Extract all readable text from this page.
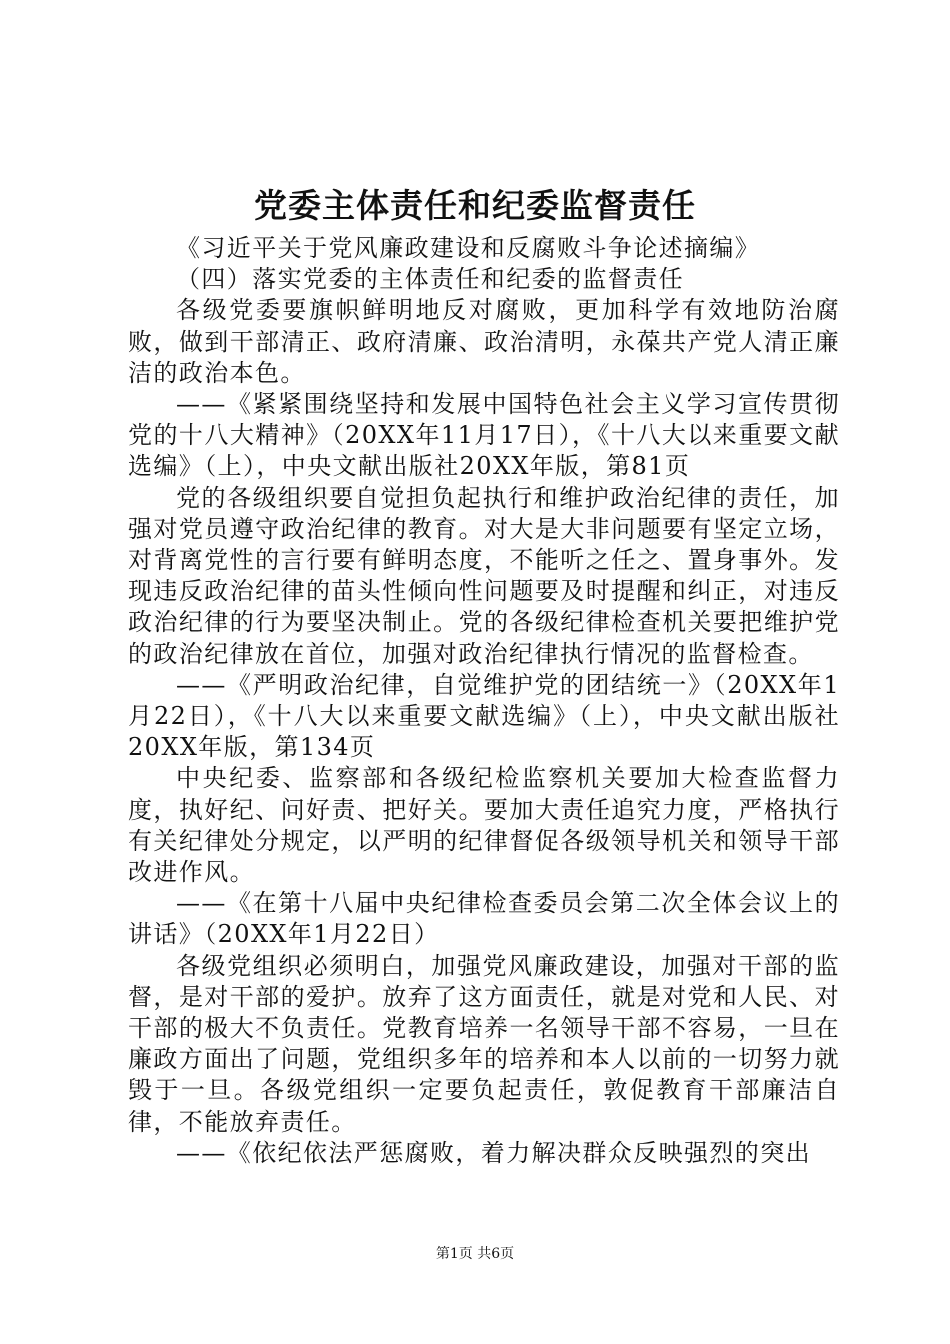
党委主体责任和纪委监督责任

《习近平关于党风廉政建设和反腐败斗争论述摘编》

（四）落实党委的主体责任和纪委的监督责任

各级党委要旗帜鲜明地反对腐败，更加科学有效地防治腐败，做到干部清正、政府清廉、政治清明，永葆共产党人清正廉洁的政治本色。

——《紧紧围绕坚持和发展中国特色社会主义学习宣传贯彻党的十八大精神》（20XX年11月17日），《十八大以来重要文献选编》（上），中央文献出版社20XX年版，第81页

党的各级组织要自觉担负起执行和维护政治纪律的责任，加强对党员遵守政治纪律的教育。对大是大非问题要有坚定立场，对背离党性的言行要有鲜明态度，不能听之任之、置身事外。发现违反政治纪律的苗头性倾向性问题要及时提醒和纠正，对违反政治纪律的行为要坚决制止。党的各级纪律检查机关要把维护党的政治纪律放在首位，加强对政治纪律执行情况的监督检查。

——《严明政治纪律，自觉维护党的团结统一》（20XX年1月22日），《十八大以来重要文献选编》（上），中央文献出版社20XX年版，第134页

中央纪委、监察部和各级纪检监察机关要加大检查监督力度，执好纪、问好责、把好关。要加大责任追究力度，严格执行有关纪律处分规定，以严明的纪律督促各级领导机关和领导干部改进作风。

——《在第十八届中央纪律检查委员会第二次全体会议上的讲话》（20XX年1月22日）

各级党组织必须明白，加强党风廉政建设，加强对干部的监督，是对干部的爱护。放弃了这方面责任，就是对党和人民、对干部的极大不负责任。党教育培养一名领导干部不容易，一旦在廉政方面出了问题，党组织多年的培养和本人以前的一切努力就毁于一旦。各级党组织一定要负起责任，敦促教育干部廉洁自律，不能放弃责任。

——《依纪依法严惩腐败，着力解决群众反映强烈的突出

第1页 共6页
